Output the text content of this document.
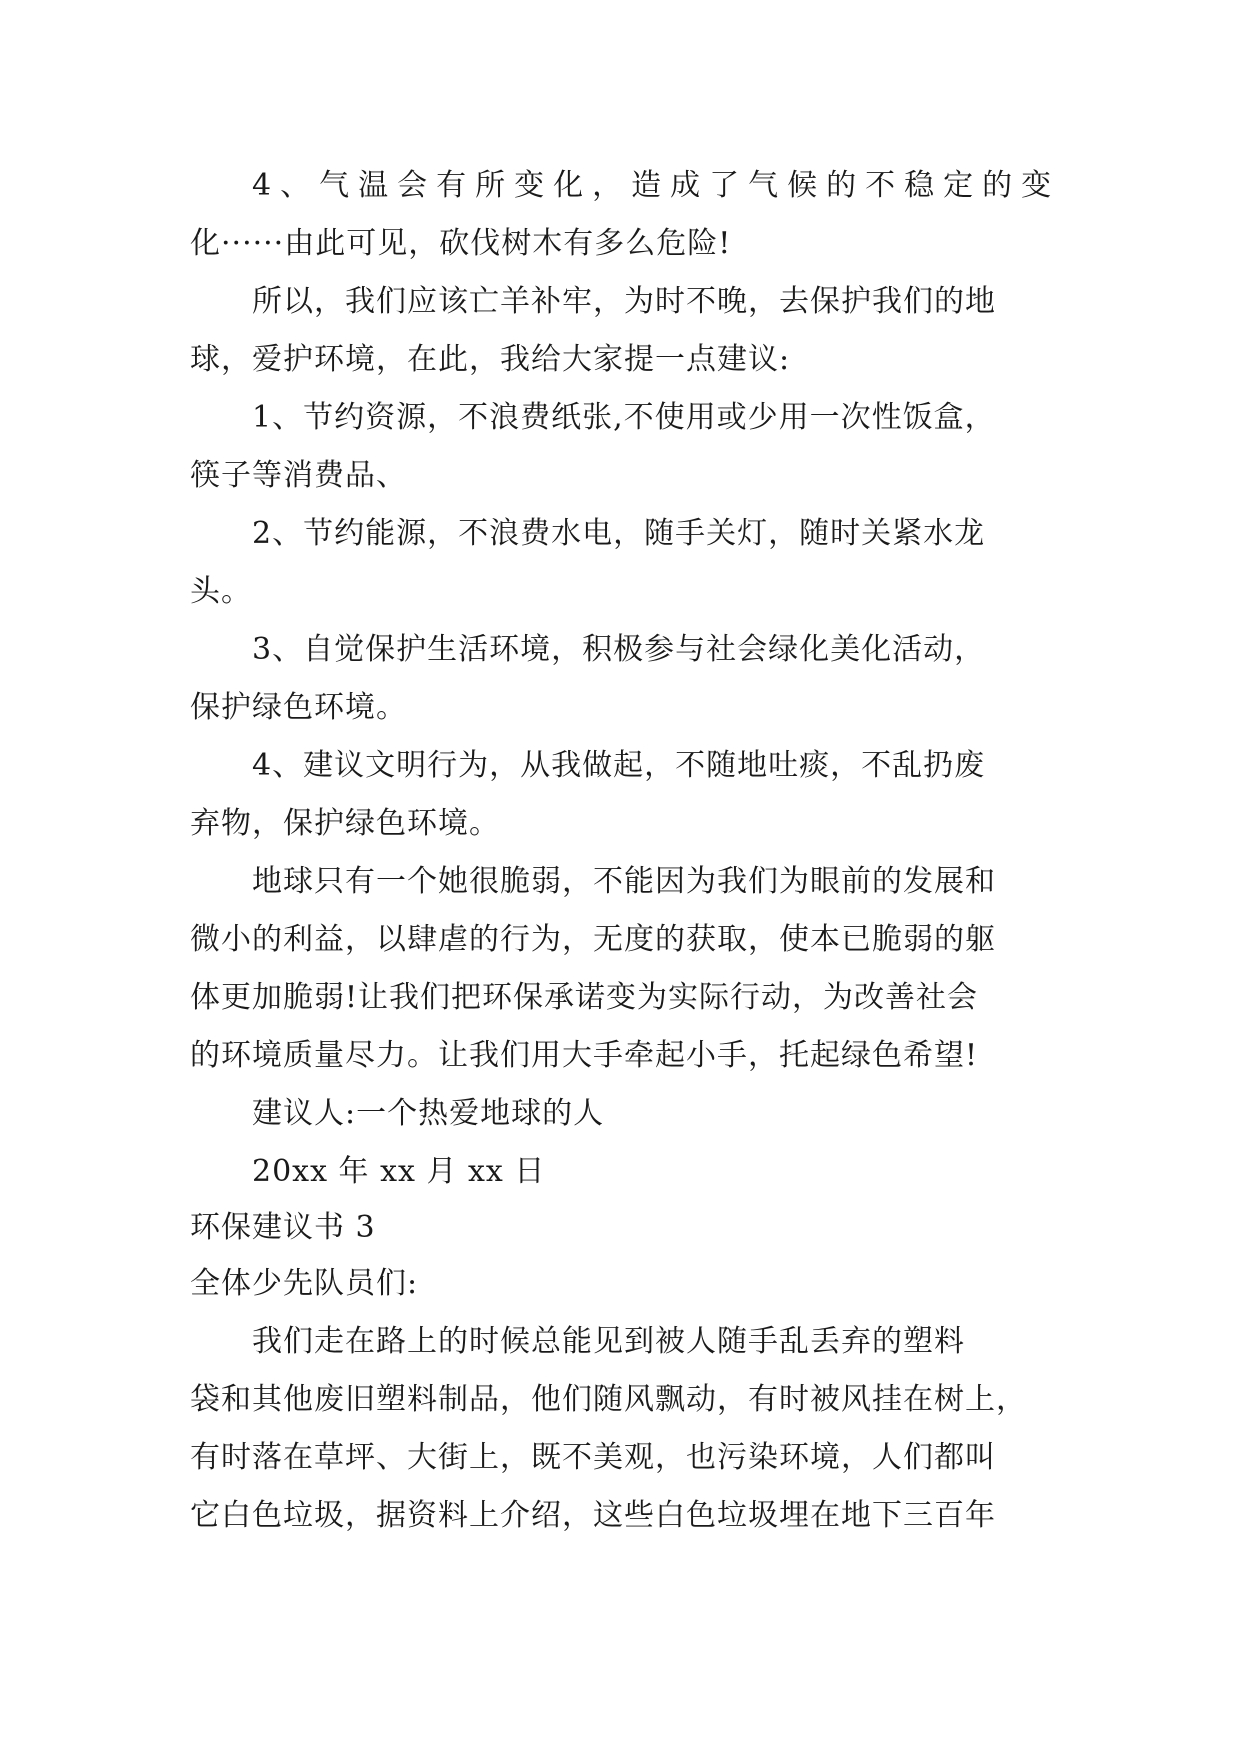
4、气温会有所变化，造成了气候的不稳定的变
化······由此可见，砍伐树木有多么危险!
所以，我们应该亡羊补牢，为时不晚，去保护我们的地
球，爱护环境，在此，我给大家提一点建议:
1、节约资源，不浪费纸张,不使用或少用一次性饭盒，
筷子等消费品、
2、节约能源，不浪费水电，随手关灯，随时关紧水龙
头。
3、自觉保护生活环境，积极参与社会绿化美化活动，
保护绿色环境。
4、建议文明行为，从我做起，不随地吐痰，不乱扔废
弃物，保护绿色环境。
地球只有一个她很脆弱，不能因为我们为眼前的发展和
微小的利益，以肆虐的行为，无度的获取，使本已脆弱的躯
体更加脆弱!让我们把环保承诺变为实际行动，为改善社会
的环境质量尽力。让我们用大手牵起小手，托起绿色希望!
建议人:一个热爱地球的人
20xx 年 xx 月 xx 日
环保建议书 3
全体少先队员们:
我们走在路上的时候总能见到被人随手乱丢弃的塑料
袋和其他废旧塑料制品，他们随风飘动，有时被风挂在树上，
有时落在草坪、大街上，既不美观，也污染环境，人们都叫
它白色垃圾，据资料上介绍，这些白色垃圾埋在地下三百年
